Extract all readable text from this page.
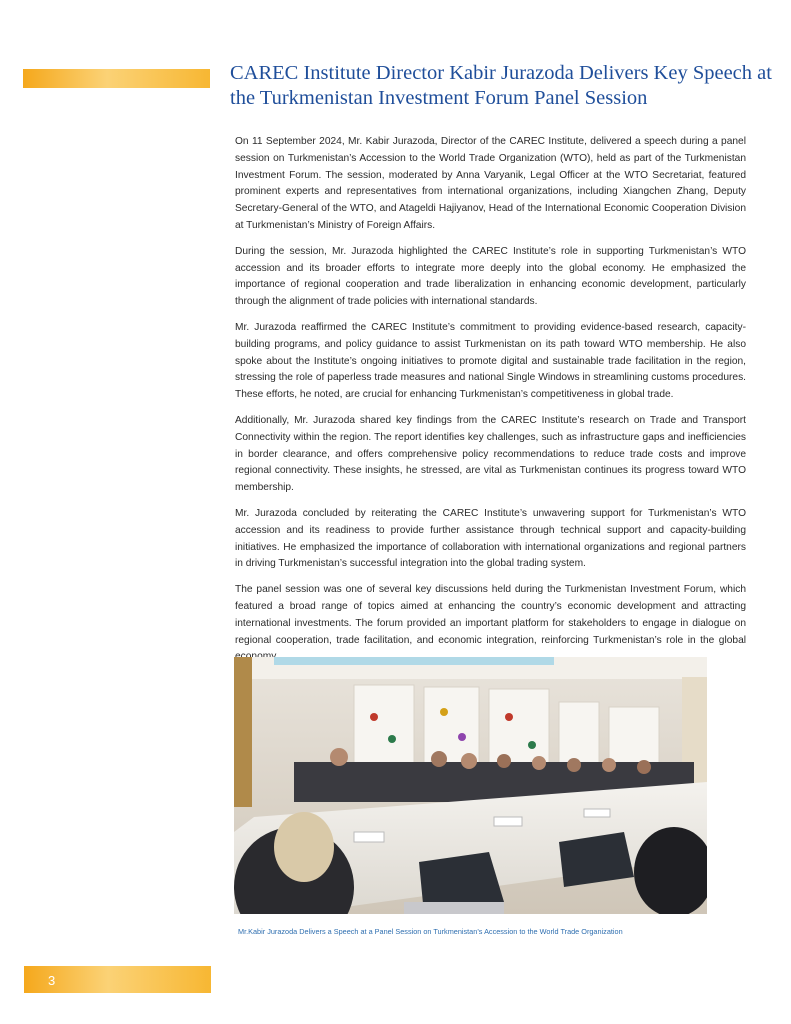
CAREC Institute Director Kabir Jurazoda Delivers Key Speech at the Turkmenistan Investment Forum Panel Session

On 11 September 2024, Mr. Kabir Jurazoda, Director of the CAREC Institute, delivered a speech during a panel session on Turkmenistan’s Accession to the World Trade Organization (WTO), held as part of the Turkmenistan Investment Forum. The session, moderated by Anna Varyanik, Legal Officer at the WTO Secretariat, featured prominent experts and representatives from international organizations, including Xiangchen Zhang, Deputy Secretary-General of the WTO, and Atageldi Hajiyanov, Head of the International Economic Cooperation Division at Turkmenistan’s Ministry of Foreign Affairs.

During the session, Mr. Jurazoda highlighted the CAREC Institute’s role in supporting Turkmenistan’s WTO accession and its broader efforts to integrate more deeply into the global economy. He emphasized the importance of regional cooperation and trade liberalization in enhancing economic development, particularly through the alignment of trade policies with international standards.

Mr. Jurazoda reaffirmed the CAREC Institute’s commitment to providing evidence-based research, capacity-building programs, and policy guidance to assist Turkmenistan on its path toward WTO membership. He also spoke about the Institute’s ongoing initiatives to promote digital and sustainable trade facilitation in the region, stressing the role of paperless trade measures and national Single Windows in streamlining customs procedures. These efforts, he noted, are crucial for enhancing Turkmenistan’s competitiveness in global trade.

Additionally, Mr. Jurazoda shared key findings from the CAREC Institute’s research on Trade and Transport Connectivity within the region. The report identifies key challenges, such as infrastructure gaps and inefficiencies in border clearance, and offers comprehensive policy recommendations to reduce trade costs and improve regional connectivity. These insights, he stressed, are vital as Turkmenistan continues its progress toward WTO membership.

Mr. Jurazoda concluded by reiterating the CAREC Institute’s unwavering support for Turkmenistan’s WTO accession and its readiness to provide further assistance through technical support and capacity-building initiatives. He emphasized the importance of collaboration with international organizations and regional partners in driving Turkmenistan’s successful integration into the global trading system.

The panel session was one of several key discussions held during the Turkmenistan Investment Forum, which featured a broad range of topics aimed at enhancing the country’s economic development and attracting international investments. The forum provided an important platform for stakeholders to engage in dialogue on regional cooperation, trade facilitation, and economic integration, reinforcing Turkmenistan’s role in the global

Mr.Kabir Jurazoda Delivers a Speech at a Panel Session on Turkmenistan’s Accession to the World Trade Organization
3
